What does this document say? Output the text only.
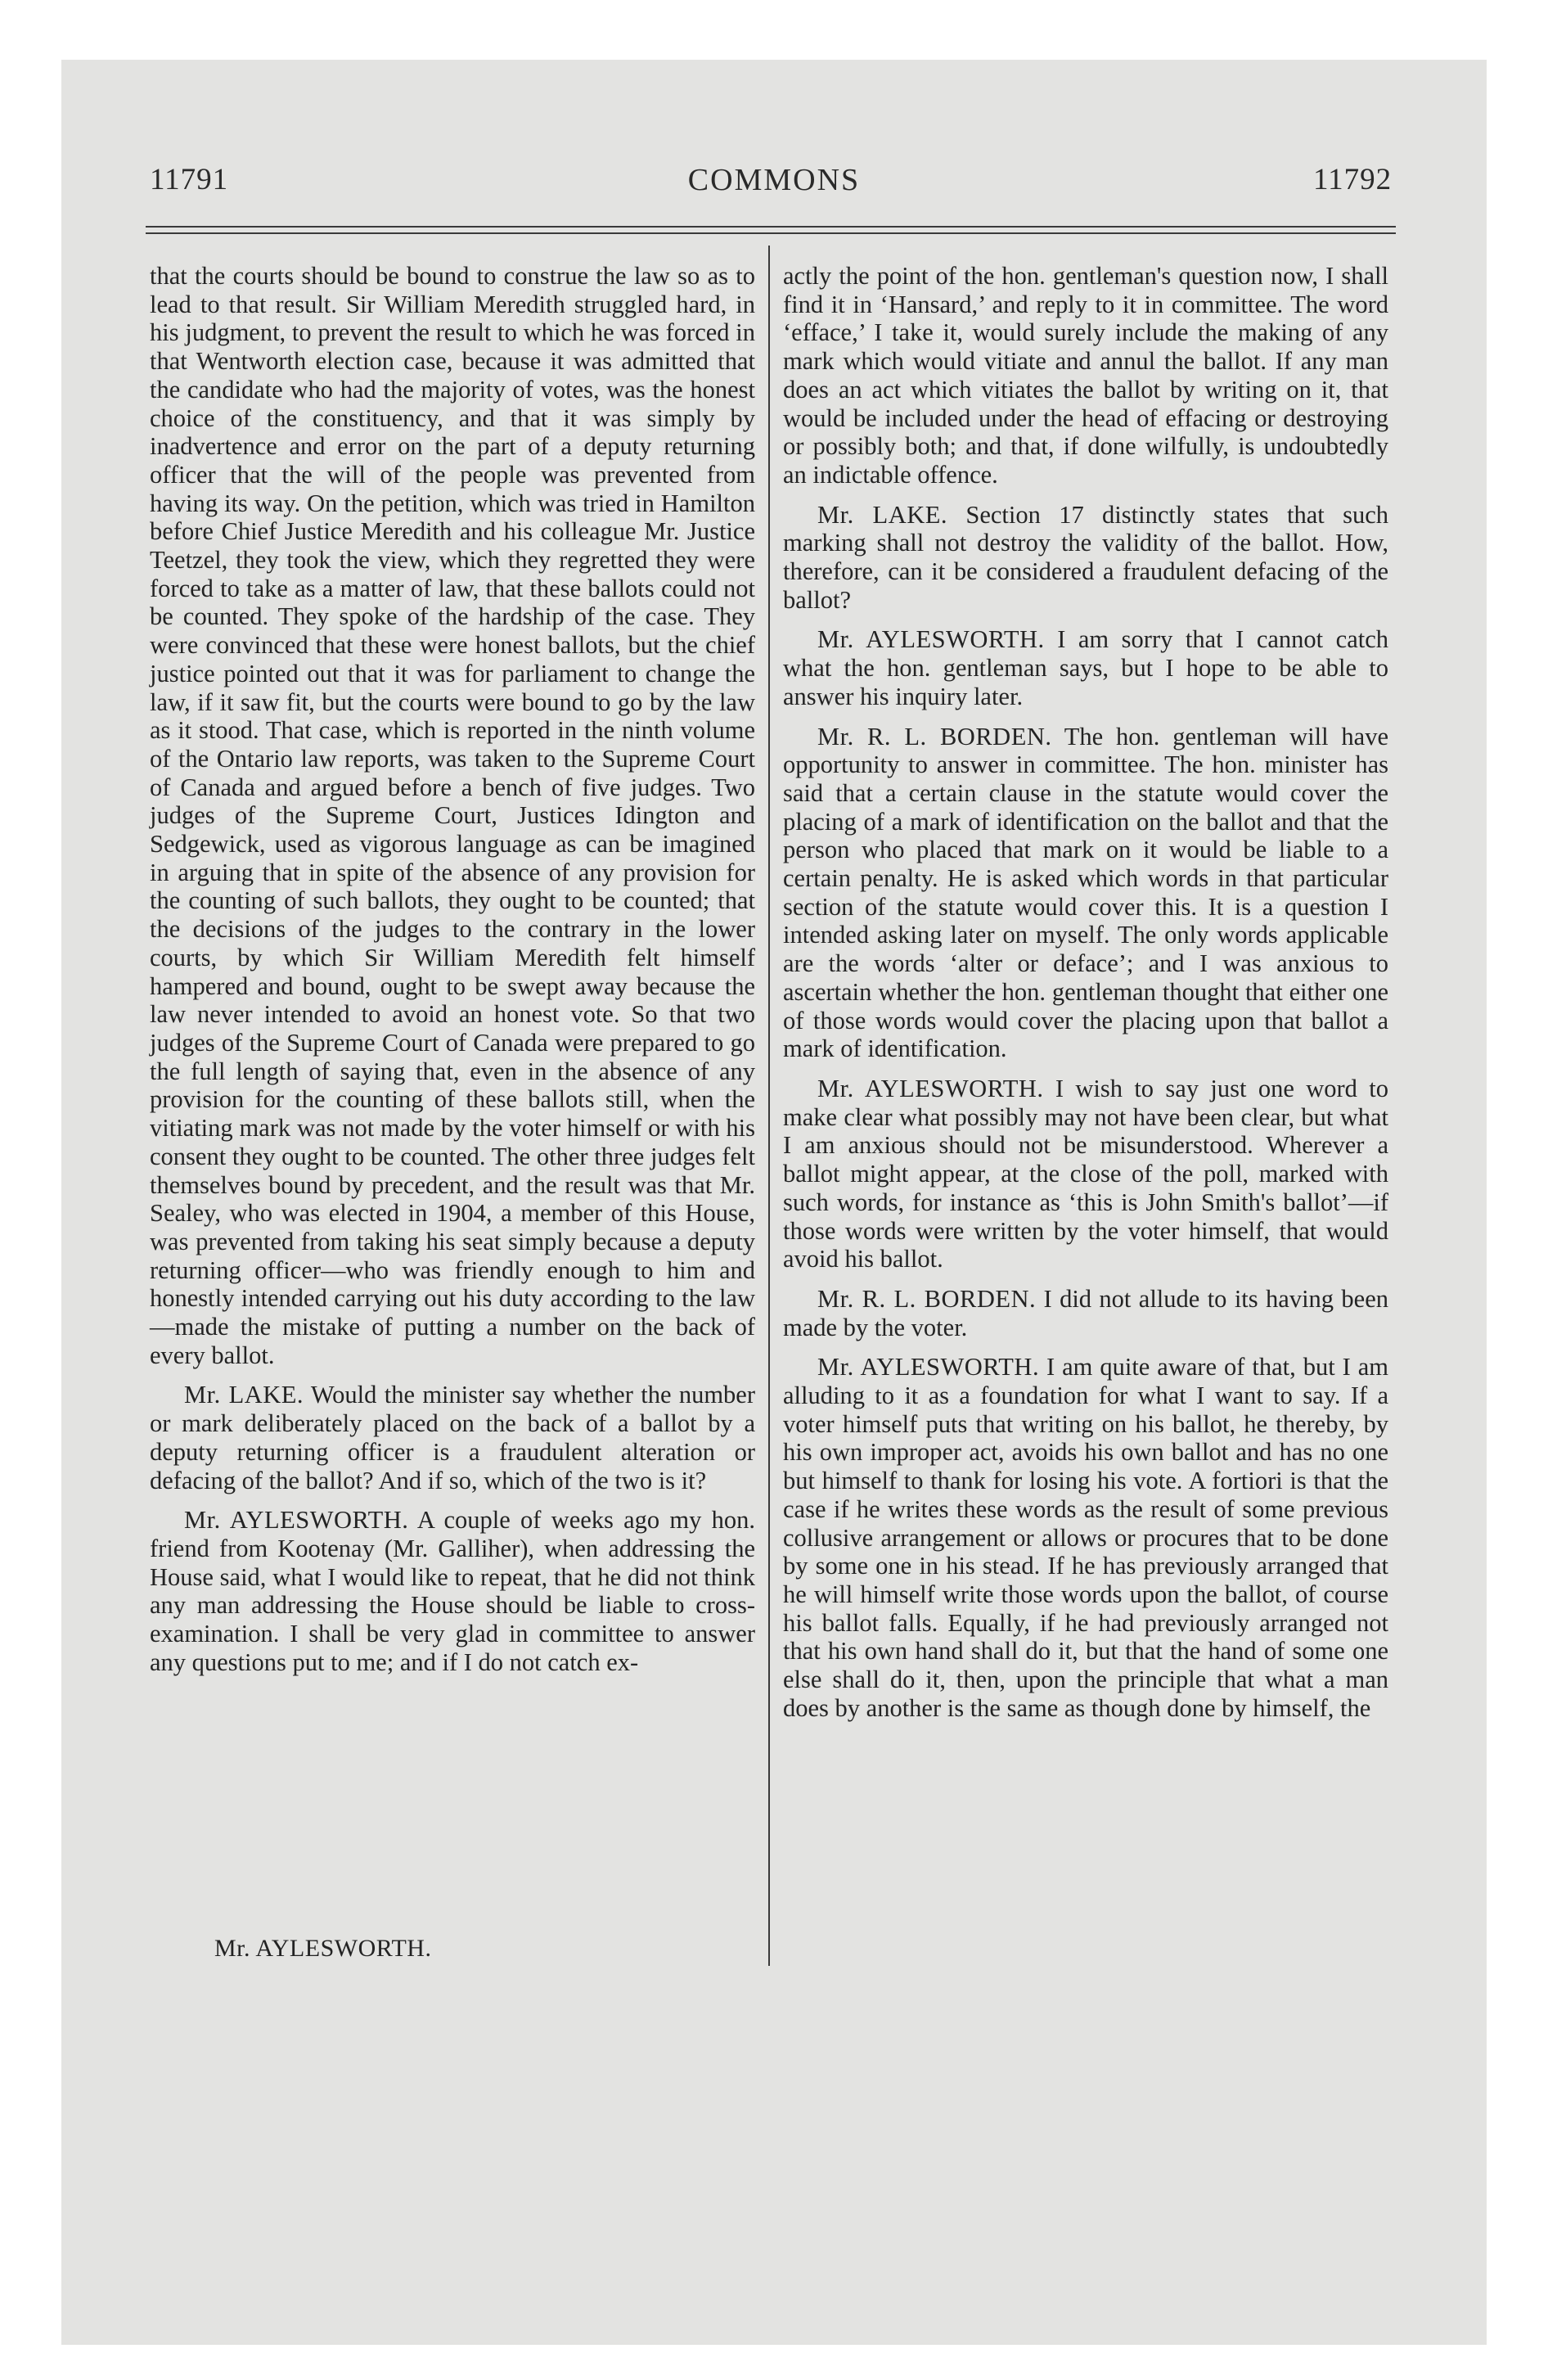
11791	COMMONS	11792

that the courts should be bound to construe the law so as to lead to that result. Sir William Meredith struggled hard, in his judgment, to prevent the result to which he was forced in that Wentworth election case, because it was admitted that the candidate who had the majority of votes, was the honest choice of the constituency, and that it was simply by inadvertence and error on the part of a deputy returning officer that the will of the people was prevented from having its way. On the petition, which was tried in Hamilton before Chief Justice Meredith and his colleague Mr. Justice Teetzel, they took the view, which they regretted they were forced to take as a matter of law, that these ballots could not be counted. They spoke of the hardship of the case. They were convinced that these were honest ballots, but the chief justice pointed out that it was for parliament to change the law, if it saw fit, but the courts were bound to go by the law as it stood. That case, which is reported in the ninth volume of the Ontario law reports, was taken to the Supreme Court of Canada and argued before a bench of five judges. Two judges of the Supreme Court, Justices Idington and Sedgewick, used as vigorous language as can be imagined in arguing that in spite of the absence of any provision for the counting of such ballots, they ought to be counted; that the decisions of the judges to the contrary in the lower courts, by which Sir William Meredith felt himself hampered and bound, ought to be swept away because the law never intended to avoid an honest vote. So that two judges of the Supreme Court of Canada were prepared to go the full length of saying that, even in the absence of any provision for the counting of these ballots still, when the vitiating mark was not made by the voter himself or with his consent they ought to be counted. The other three judges felt themselves bound by precedent, and the result was that Mr. Sealey, who was elected in 1904, a member of this House, was prevented from taking his seat simply because a deputy returning officer—who was friendly enough to him and honestly intended carrying out his duty according to the law—made the mistake of putting a number on the back of every ballot.

Mr. LAKE. Would the minister say whether the number or mark deliberately placed on the back of a ballot by a deputy returning officer is a fraudulent alteration or defacing of the ballot? And if so, which of the two is it?

Mr. AYLESWORTH. A couple of weeks ago my hon. friend from Kootenay (Mr. Galliher), when addressing the House said, what I would like to repeat, that he did not think any man addressing the House should be liable to cross-examination. I shall be very glad in committee to answer any questions put to me; and if I do not catch ex-

Mr. AYLESWORTH.

actly the point of the hon. gentleman's question now, I shall find it in ‘Hansard,’ and reply to it in committee. The word ‘efface,’ I take it, would surely include the making of any mark which would vitiate and annul the ballot. If any man does an act which vitiates the ballot by writing on it, that would be included under the head of effacing or destroying or possibly both; and that, if done wilfully, is undoubtedly an indictable offence.

Mr. LAKE. Section 17 distinctly states that such marking shall not destroy the validity of the ballot. How, therefore, can it be considered a fraudulent defacing of the ballot?

Mr. AYLESWORTH. I am sorry that I cannot catch what the hon. gentleman says, but I hope to be able to answer his inquiry later.

Mr. R. L. BORDEN. The hon. gentleman will have opportunity to answer in committee. The hon. minister has said that a certain clause in the statute would cover the placing of a mark of identification on the ballot and that the person who placed that mark on it would be liable to a certain penalty. He is asked which words in that particular section of the statute would cover this. It is a question I intended asking later on myself. The only words applicable are the words ‘alter or deface’; and I was anxious to ascertain whether the hon. gentleman thought that either one of those words would cover the placing upon that ballot a mark of identification.

Mr. AYLESWORTH. I wish to say just one word to make clear what possibly may not have been clear, but what I am anxious should not be misunderstood. Wherever a ballot might appear, at the close of the poll, marked with such words, for instance as ‘this is John Smith's ballot’—if those words were written by the voter himself, that would avoid his ballot.

Mr. R. L. BORDEN. I did not allude to its having been made by the voter.

Mr. AYLESWORTH. I am quite aware of that, but I am alluding to it as a foundation for what I want to say. If a voter himself puts that writing on his ballot, he thereby, by his own improper act, avoids his own ballot and has no one but himself to thank for losing his vote. A fortiori is that the case if he writes these words as the result of some previous collusive arrangement or allows or procures that to be done by some one in his stead. If he has previously arranged that he will himself write those words upon the ballot, of course his ballot falls. Equally, if he had previously arranged not that his own hand shall do it, but that the hand of some one else shall do it, then, upon the principle that what a man does by another is the same as though done by himself, the
